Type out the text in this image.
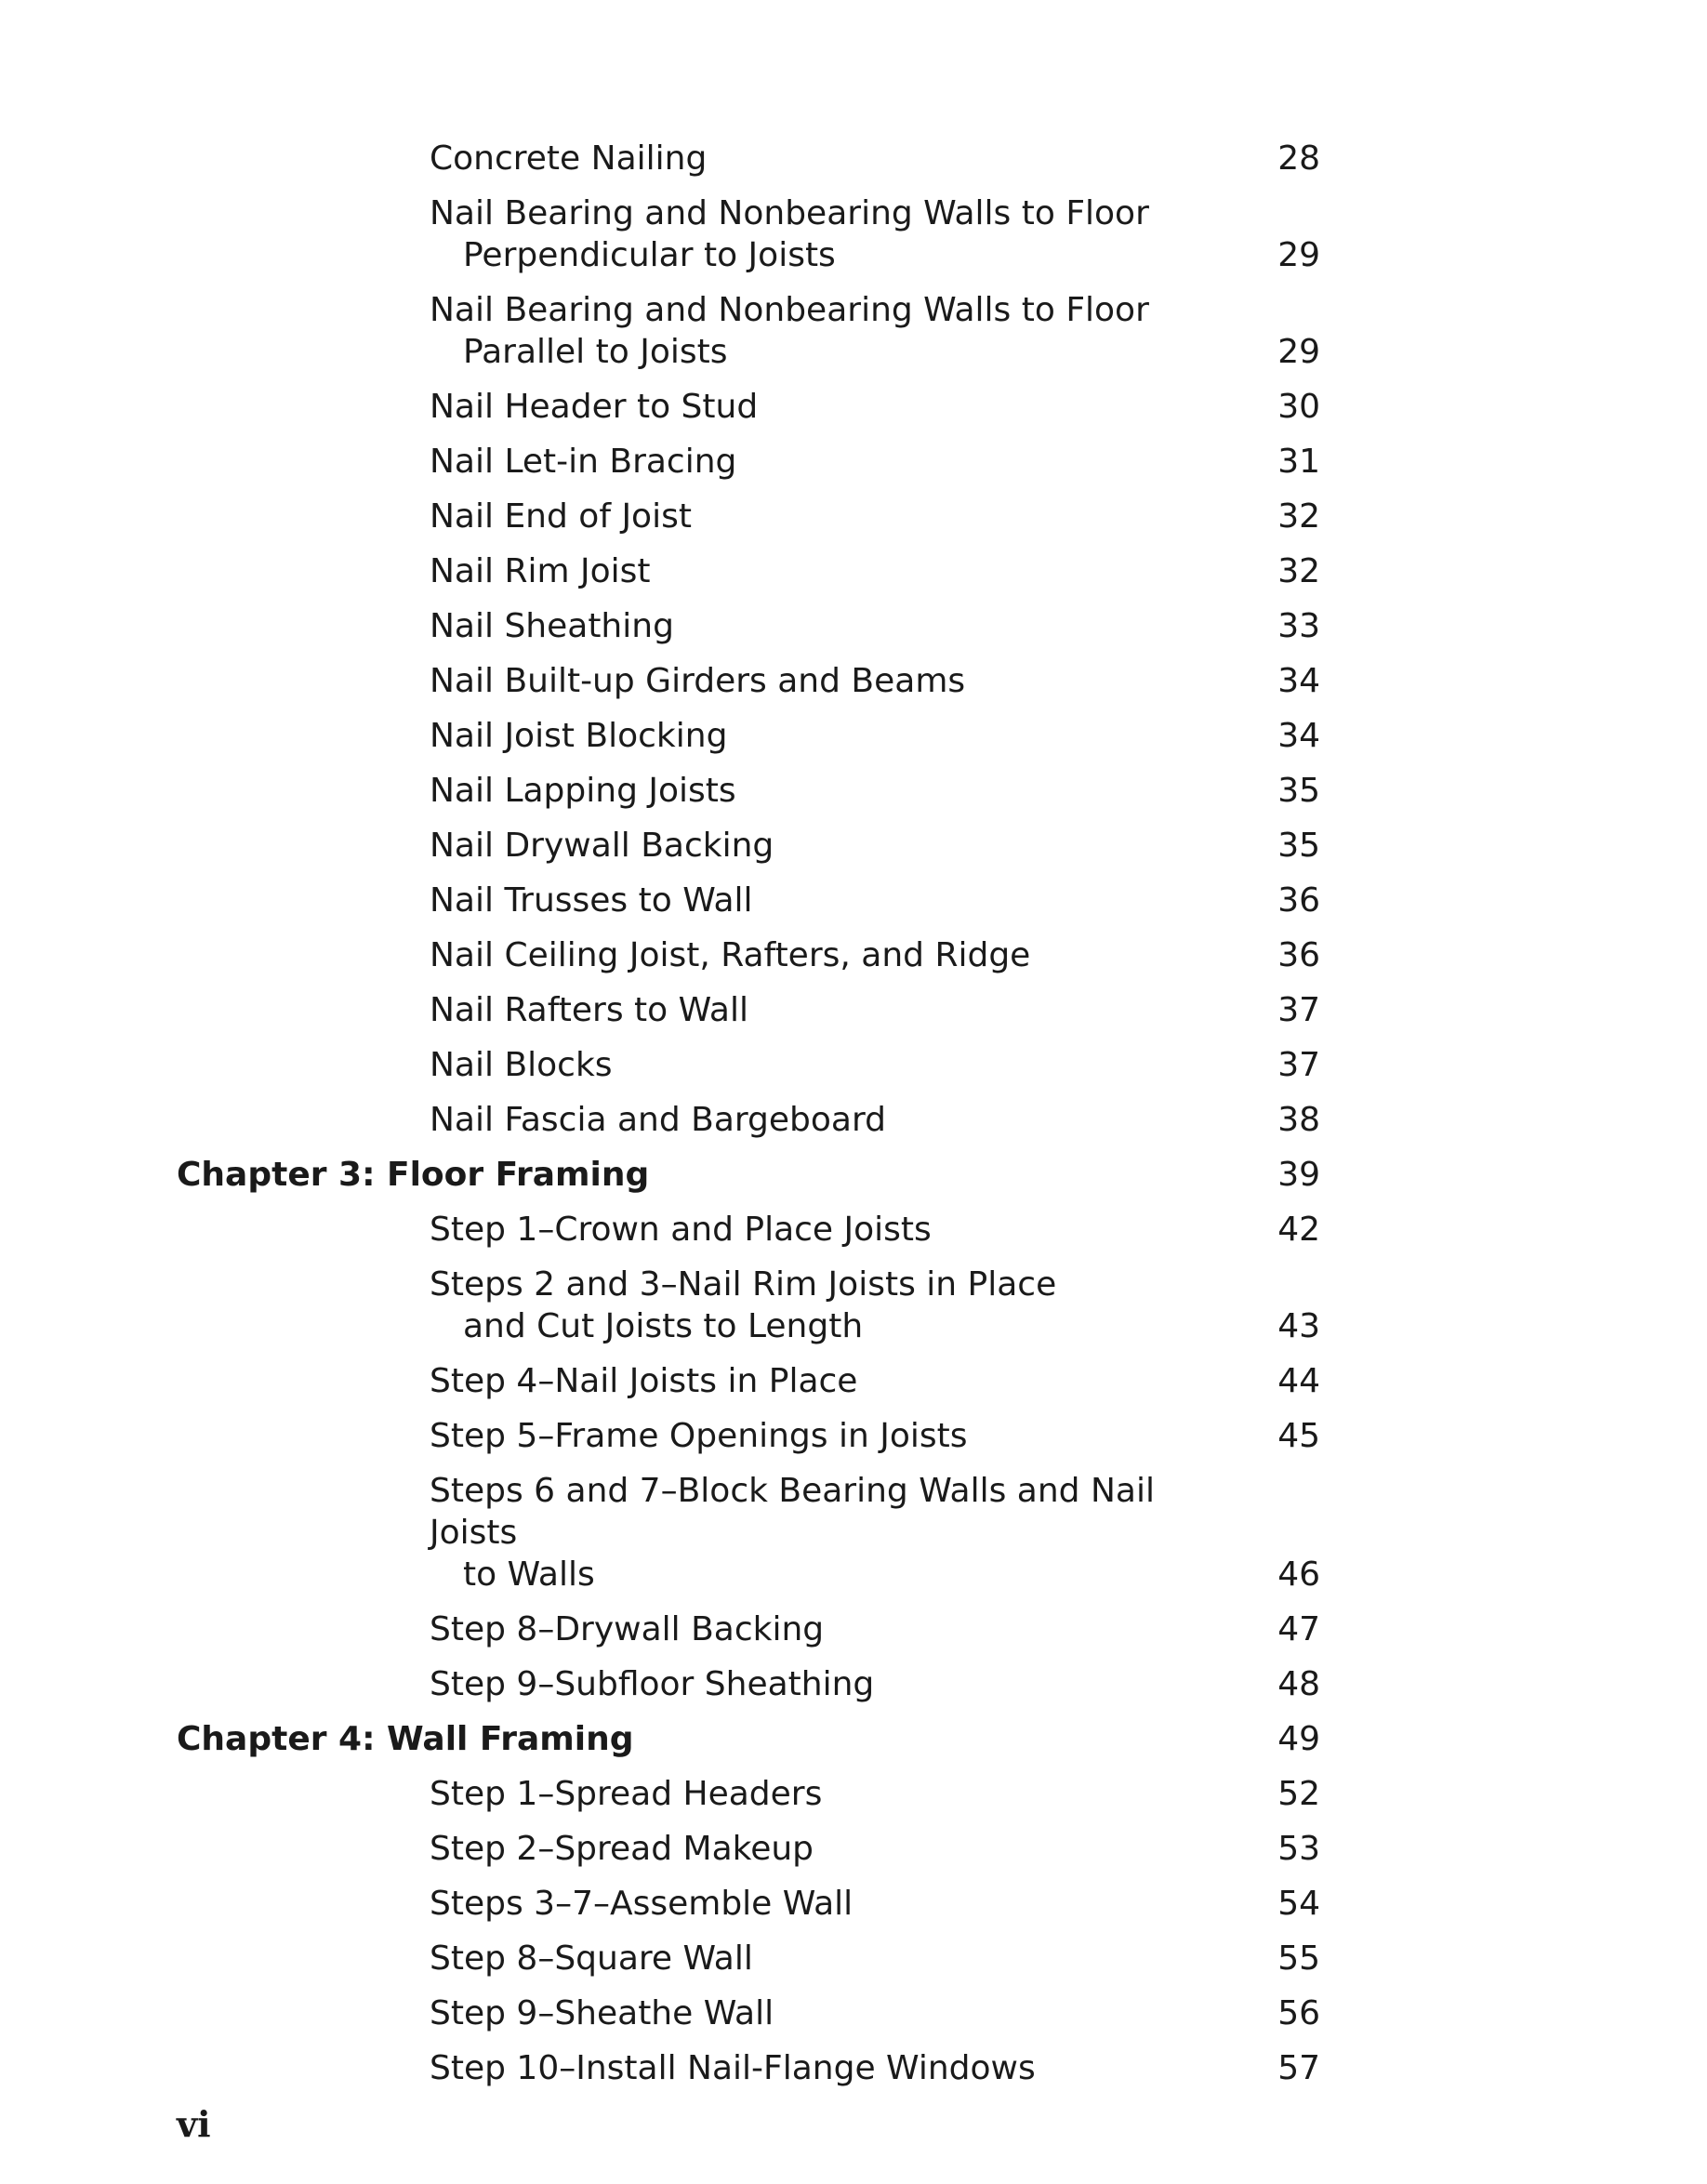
Concrete Nailing	28
Nail Bearing and Nonbearing Walls to Floor
Perpendicular to Joists	29
Nail Bearing and Nonbearing Walls to Floor
Parallel to Joists	29
Nail Header to Stud	30
Nail Let-in Bracing	31
Nail End of Joist	32
Nail Rim Joist	32
Nail Sheathing	33
Nail Built-up Girders and Beams	34
Nail Joist Blocking	34
Nail Lapping Joists	35
Nail Drywall Backing	35
Nail Trusses to Wall	36
Nail Ceiling Joist, Rafters, and Ridge	36
Nail Rafters to Wall	37
Nail Blocks	37
Nail Fascia and Bargeboard	38
Chapter 3: Floor Framing	39
Step 1–Crown and Place Joists	42
Steps 2 and 3–Nail Rim Joists in Place
and Cut Joists to Length	43
Step 4–Nail Joists in Place	44
Step 5–Frame Openings in Joists	45
Steps 6 and 7–Block Bearing Walls and Nail Joists
to Walls	46
Step 8–Drywall Backing	47
Step 9–Subfloor Sheathing	48
Chapter 4: Wall Framing	49
Step 1–Spread Headers	52
Step 2–Spread Makeup	53
Steps 3–7–Assemble Wall	54
Step 8–Square Wall	55
Step 9–Sheathe Wall	56
Step 10–Install Nail-Flange Windows	57
vi
